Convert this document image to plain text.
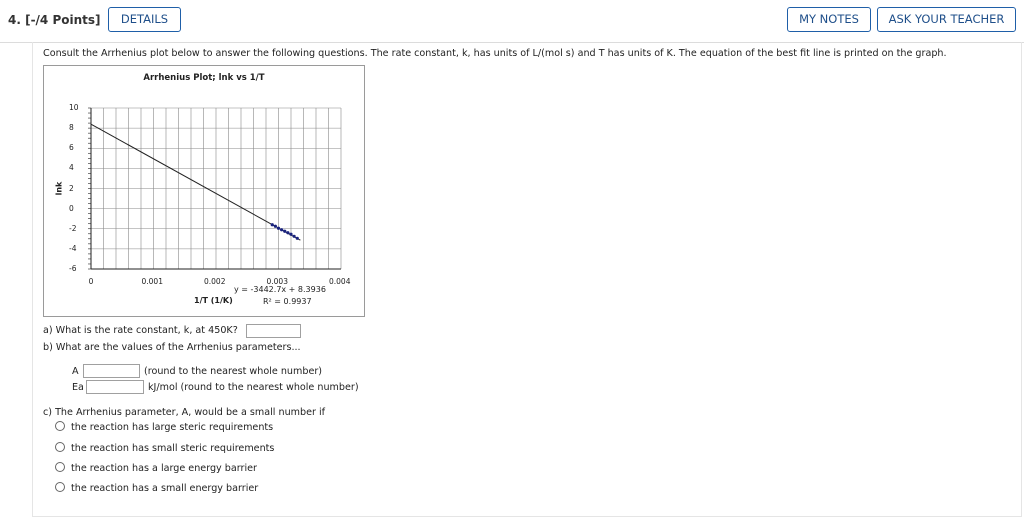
4. [-/4 Points]	DETAILS	MY NOTES	ASK YOUR TEACHER
Consult the Arrhenius plot below to answer the following questions. The rate constant, k, has units of L/(mol s) and T has units of K. The equation of the best fit line is printed on the graph.
Arrhenius Plot; lnk vs 1/T
lnk
1/T (1/K)
y = -3442.7x + 8.3936
R² = 0.9937
10
8
6
4
2
0
-2
-4
-6
0	0.001	0.002	0.003	0.004
a) What is the rate constant, k, at 450K?
b) What are the values of the Arrhenius parameters...
A	(round to the nearest whole number)
Ea	kJ/mol (round to the nearest whole number)
c) The Arrhenius parameter, A, would be a small number if
the reaction has large steric requirements
the reaction has small steric requirements
the reaction has a large energy barrier
the reaction has a small energy barrier
